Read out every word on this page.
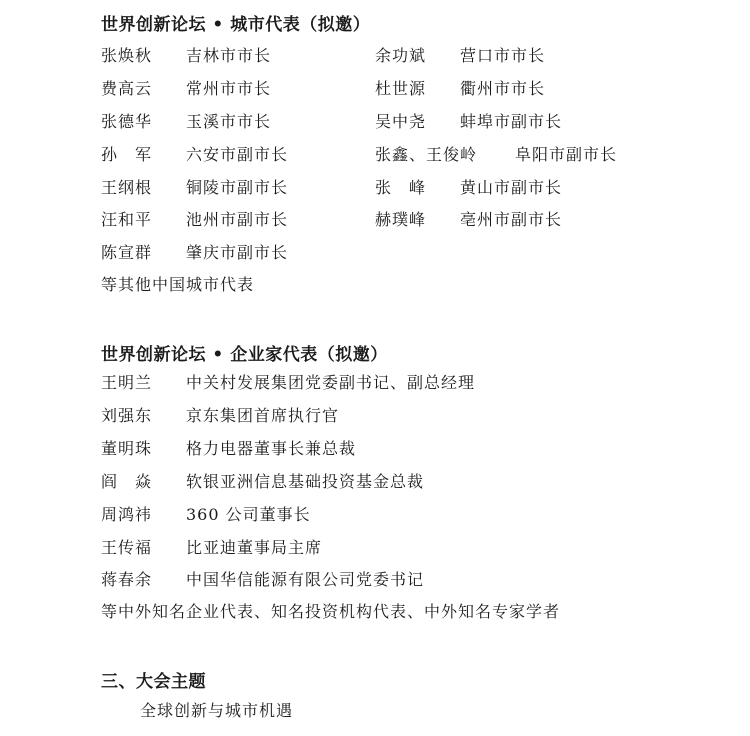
世界创新论坛 • 城市代表（拟邀）
张焕秋 吉林市市长
费高云 常州市市长
张德华 玉溪市市长
孙　军 六安市副市长
王纲根 铜陵市副市长
汪和平 池州市副市长
陈宣群 肇庆市副市长
余功斌 营口市市长
杜世源 衢州市市长
吴中尧 蚌埠市副市长
张鑫、王俊岭 阜阳市副市长
张　峰 黄山市副市长
赫璞峰 亳州市副市长
等其他中国城市代表
世界创新论坛 • 企业家代表（拟邀）
王明兰 中关村发展集团党委副书记、副总经理
刘强东 京东集团首席执行官
董明珠 格力电器董事长兼总裁
阎　焱 软银亚洲信息基础投资基金总裁
周鸿祎 360 公司董事长
王传福 比亚迪董事局主席
蒋春余 中国华信能源有限公司党委书记
等中外知名企业代表、知名投资机构代表、中外知名专家学者
三、大会主题
全球创新与城市机遇
